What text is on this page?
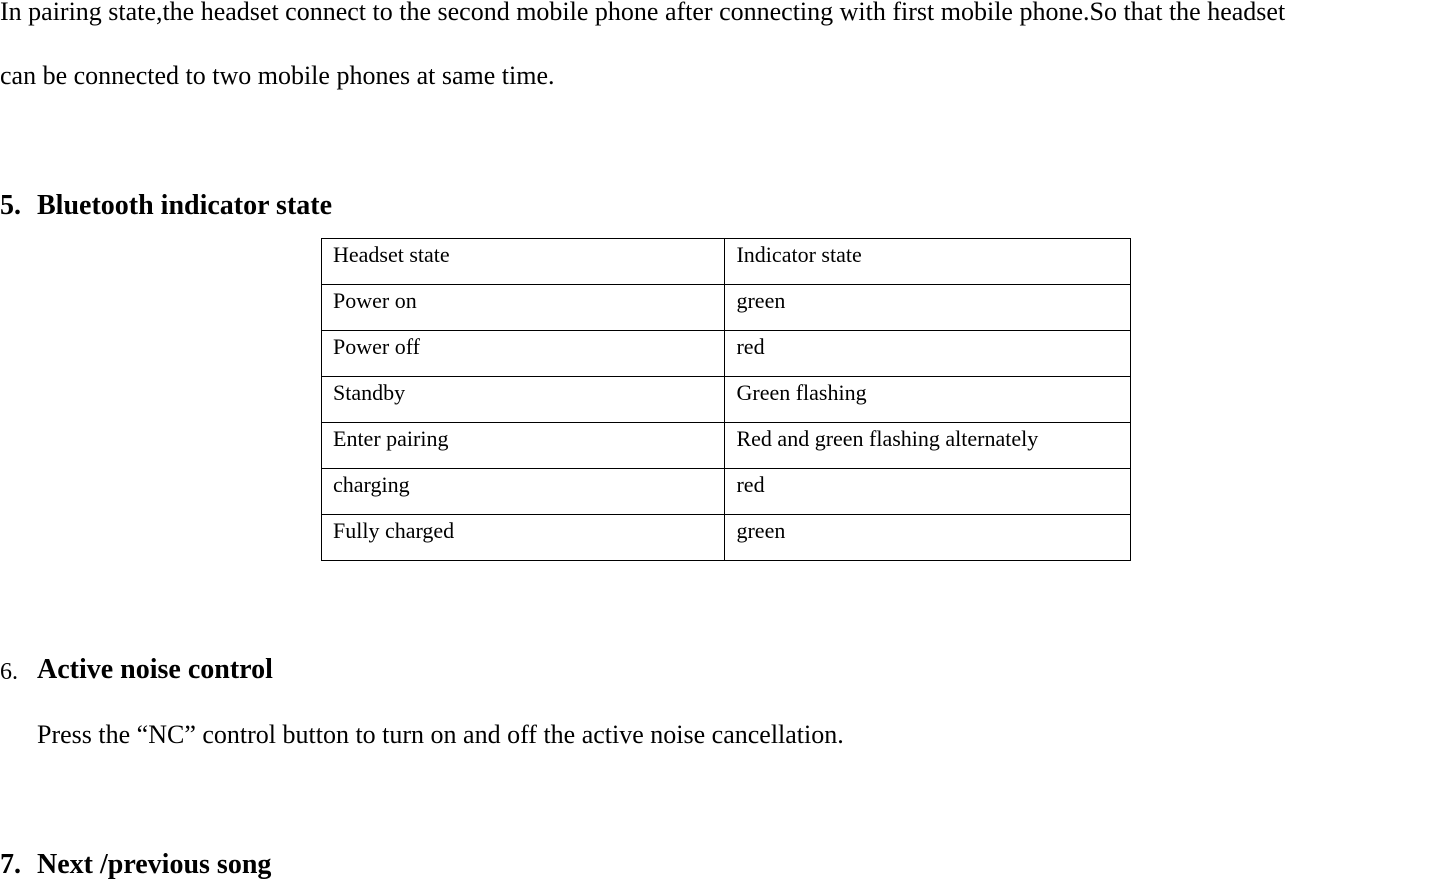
In pairing state,the headset connect to the second mobile phone after connecting with first mobile phone.So that the headset
can be connected to two mobile phones at same time.
5. Bluetooth indicator state
Headset state	Indicator state
Power on	green
Power off	red
Standby	Green flashing
Enter pairing	Red and green flashing alternately
charging	red
Fully charged	green
6. Active noise control
Press the “NC” control button to turn on and off the active noise cancellation.
7. Next /previous song
